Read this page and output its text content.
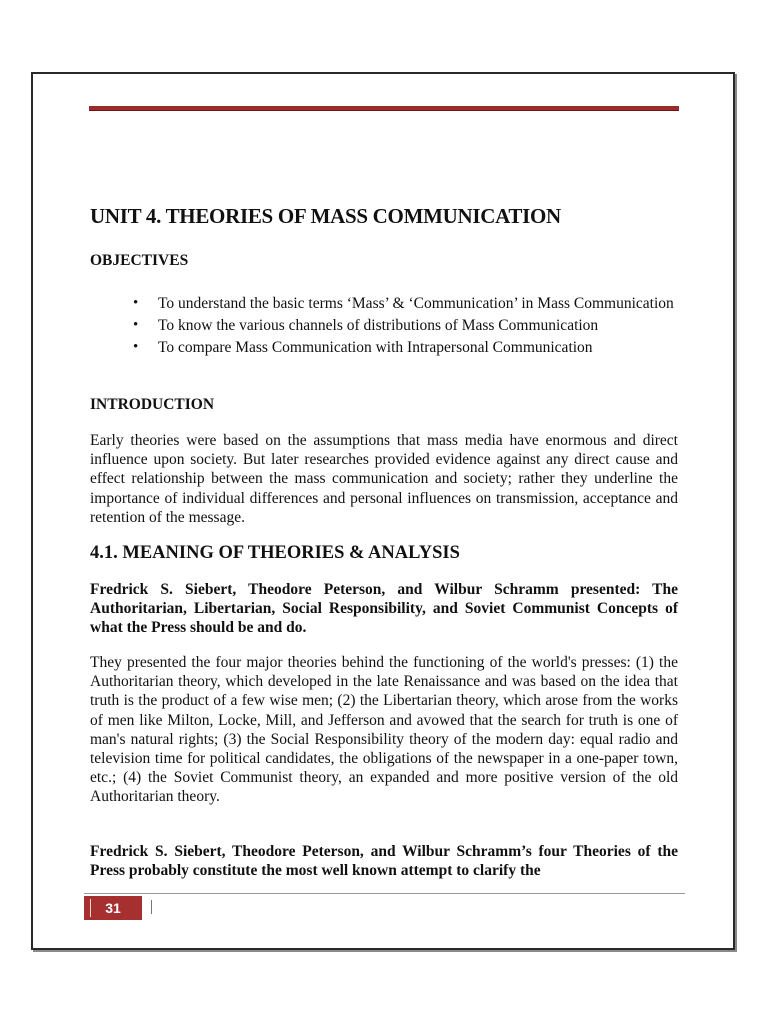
UNIT 4. THEORIES OF MASS COMMUNICATION
OBJECTIVES
• To understand the basic terms ‘Mass’ & ‘Communication’ in Mass Communication
• To know the various channels of distributions of Mass Communication
• To compare Mass Communication with Intrapersonal Communication
INTRODUCTION

Early theories were based on the assumptions that mass media have enormous and direct influence upon society. But later researches provided evidence against any direct cause and effect relationship between the mass communication and society; rather they underline the importance of individual differences and personal influences on transmission, acceptance and retention of the message.

4.1. MEANING OF THEORIES & ANALYSIS

Fredrick S. Siebert, Theodore Peterson, and Wilbur Schramm presented: The Authoritarian, Libertarian, Social Responsibility, and Soviet Communist Concepts of what the Press should be and do.

They presented the four major theories behind the functioning of the world's presses: (1) the Authoritarian theory, which developed in the late Renaissance and was based on the idea that truth is the product of a few wise men; (2) the Libertarian theory, which arose from the works of men like Milton, Locke, Mill, and Jefferson and avowed that the search for truth is one of man's natural rights; (3) the Social Responsibility theory of the modern day: equal radio and television time for political candidates, the obligations of the newspaper in a one-paper town, etc.; (4) the Soviet Communist theory, an expanded and more positive version of the old Authoritarian theory.

Fredrick S. Siebert, Theodore Peterson, and Wilbur Schramm’s four Theories of the Press probably constitute the most well known attempt to clarify the

31
